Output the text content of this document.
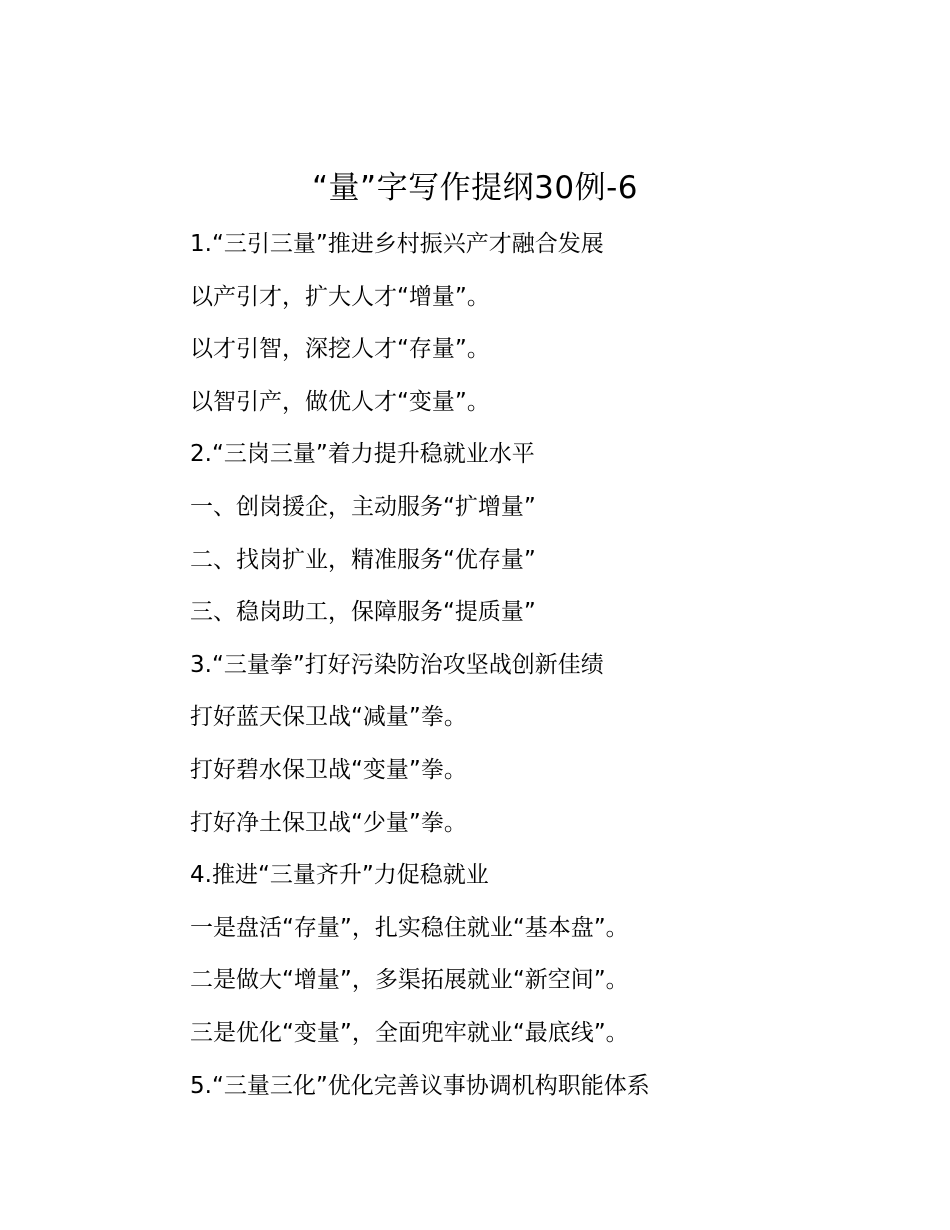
“量”字写作提纲30例-6
1.“三引三量”推进乡村振兴产才融合发展
以产引才，扩大人才“增量”。
以才引智，深挖人才“存量”。
以智引产，做优人才“变量”。
2.“三岗三量”着力提升稳就业水平
一、创岗援企，主动服务“扩增量”
二、找岗扩业，精准服务“优存量”
三、稳岗助工，保障服务“提质量”
3.“三量拳”打好污染防治攻坚战创新佳绩
打好蓝天保卫战“减量”拳。
打好碧水保卫战“变量”拳。
打好净土保卫战“少量”拳。
4.推进“三量齐升”力促稳就业
一是盘活“存量”，扎实稳住就业“基本盘”。
二是做大“增量”，多渠拓展就业“新空间”。
三是优化“变量”，全面兜牢就业“最底线”。
5.“三量三化”优化完善议事协调机构职能体系
